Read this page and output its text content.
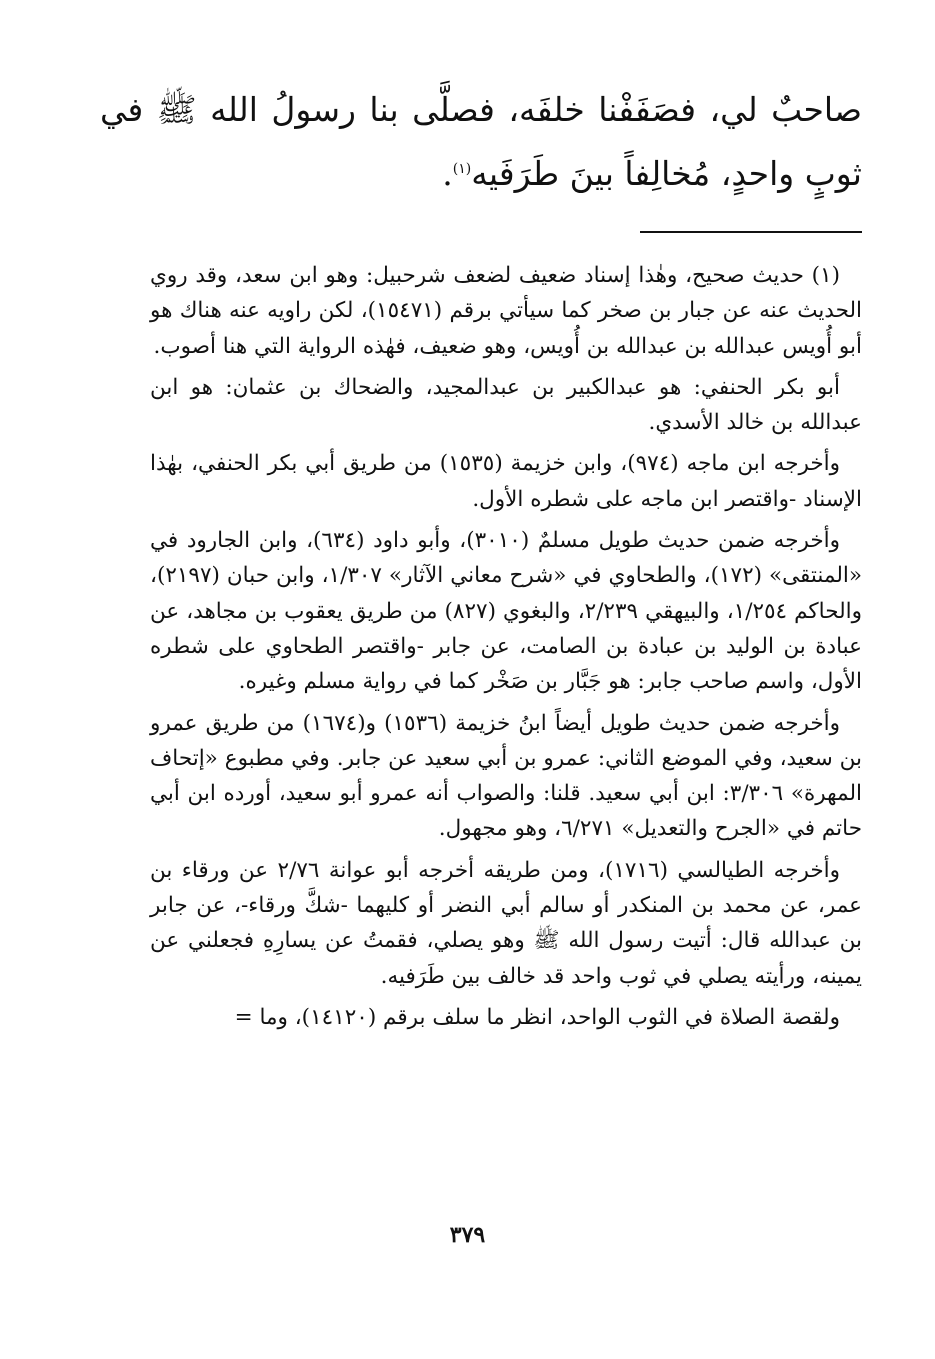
صاحبٌ لي، فصَفَفْنا خلفَه، فصلَّى بنا رسولُ الله ﷺ في ثوبٍ واحدٍ، مُخالِفاً بينَ طَرَفَيه$^{(١)}$.

(١) حديث صحيح، وهٰذا إسناد ضعيف لضعف شرحبيل: وهو ابن سعد، وقد روي الحديث عنه عن جبار بن صخر كما سيأتي برقم (١٥٤٧١)، لكن راويه عنه هناك هو أبو أُويس عبدالله بن عبدالله بن أُويس، وهو ضعيف، فهٰذه الرواية التي هنا أصوب.

أبو بكر الحنفي: هو عبدالكبير بن عبدالمجيد، والضحاك بن عثمان: هو ابن عبدالله بن خالد الأسدي.

وأخرجه ابن ماجه (٩٧٤)، وابن خزيمة (١٥٣٥) من طريق أبي بكر الحنفي، بهٰذا الإسناد -واقتصر ابن ماجه على شطره الأول.

وأخرجه ضمن حديث طويل مسلمٌ (٣٠١٠)، وأبو داود (٦٣٤)، وابن الجارود في «المنتقى» (١٧٢)، والطحاوي في «شرح معاني الآثار» ١/٣٠٧، وابن حبان (٢١٩٧)، والحاكم ١/٢٥٤، والبيهقي ٢/٢٣٩، والبغوي (٨٢٧) من طريق يعقوب بن مجاهد، عن عبادة بن الوليد بن عبادة بن الصامت، عن جابر -واقتصر الطحاوي على شطره الأول، واسم صاحب جابر: هو جَبَّار بن صَخْر كما في رواية مسلم وغيره.

وأخرجه ضمن حديث طويل أيضاً ابنُ خزيمة (١٥٣٦) و(١٦٧٤) من طريق عمرو بن سعيد، وفي الموضع الثاني: عمرو بن أبي سعيد عن جابر. وفي مطبوع «إتحاف المهرة» ٣/٣٠٦: ابن أبي سعيد. قلنا: والصواب أنه عمرو أبو سعيد، أورده ابن أبي حاتم في «الجرح والتعديل» ٦/٢٧١، وهو مجهول.

وأخرجه الطيالسي (١٧١٦)، ومن طريقه أخرجه أبو عوانة ٢/٧٦ عن ورقاء بن عمر، عن محمد بن المنكدر أو سالم أبي النضر أو كليهما -شكَّ ورقاء-، عن جابر بن عبدالله قال: أتيت رسول الله ﷺ وهو يصلي، فقمتُ عن يسارِهِ فجعلني عن يمينه، ورأيته يصلي في ثوب واحد قد خالف بين طَرَفيه.

ولقصة الصلاة في الثوب الواحد، انظر ما سلف برقم (١٤١٢٠)، وما =

٣٧٩
